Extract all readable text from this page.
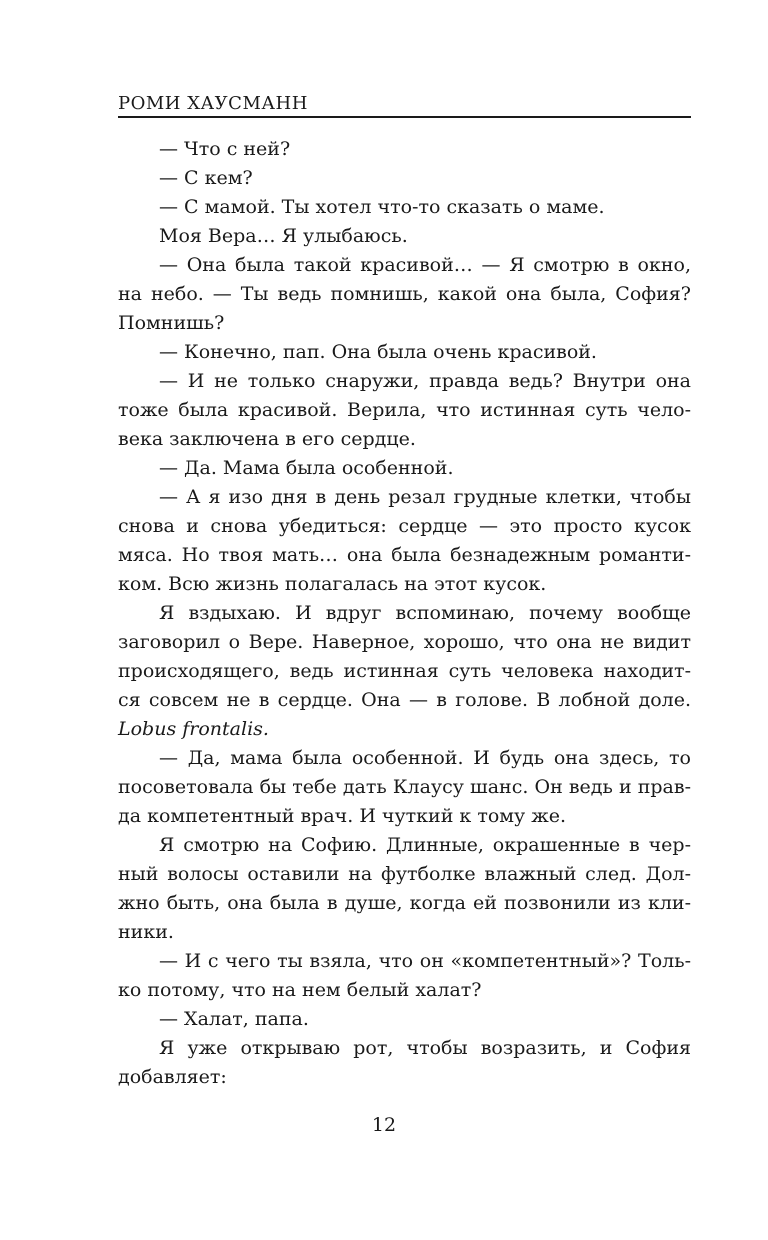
РОМИ ХАУСМАНН
— Что с ней?
— С кем?
— С мамой. Ты хотел что-то сказать о маме.
Моя Вера… Я улыбаюсь.
— Она была такой красивой… — Я смотрю в окно,
на небо. — Ты ведь помнишь, какой она была, София?
Помнишь?
— Конечно, пап. Она была очень красивой.
— И не только снаружи, правда ведь? Внутри она
тоже была красивой. Верила, что истинная суть чело-
века заключена в его сердце.
— Да. Мама была особенной.
— А я изо дня в день резал грудные клетки, чтобы
снова и снова убедиться: сердце — это просто кусок
мяса. Но твоя мать… она была безнадежным романти-
ком. Всю жизнь полагалась на этот кусок.
Я вздыхаю. И вдруг вспоминаю, почему вообще
заговорил о Вере. Наверное, хорошо, что она не видит
происходящего, ведь истинная суть человека находит-
ся совсем не в сердце. Она — в голове. В лобной доле.
Lobus frontalis.
— Да, мама была особенной. И будь она здесь, то
посоветовала бы тебе дать Клаусу шанс. Он ведь и прав-
да компетентный врач. И чуткий к тому же.
Я смотрю на Софию. Длинные, окрашенные в чер-
ный волосы оставили на футболке влажный след. Дол-
жно быть, она была в душе, когда ей позвонили из кли-
ники.
— И с чего ты взяла, что он «компетентный»? Толь-
ко потому, что на нем белый халат?
— Халат, папа.
Я уже открываю рот, чтобы возразить, и София
добавляет:
12
